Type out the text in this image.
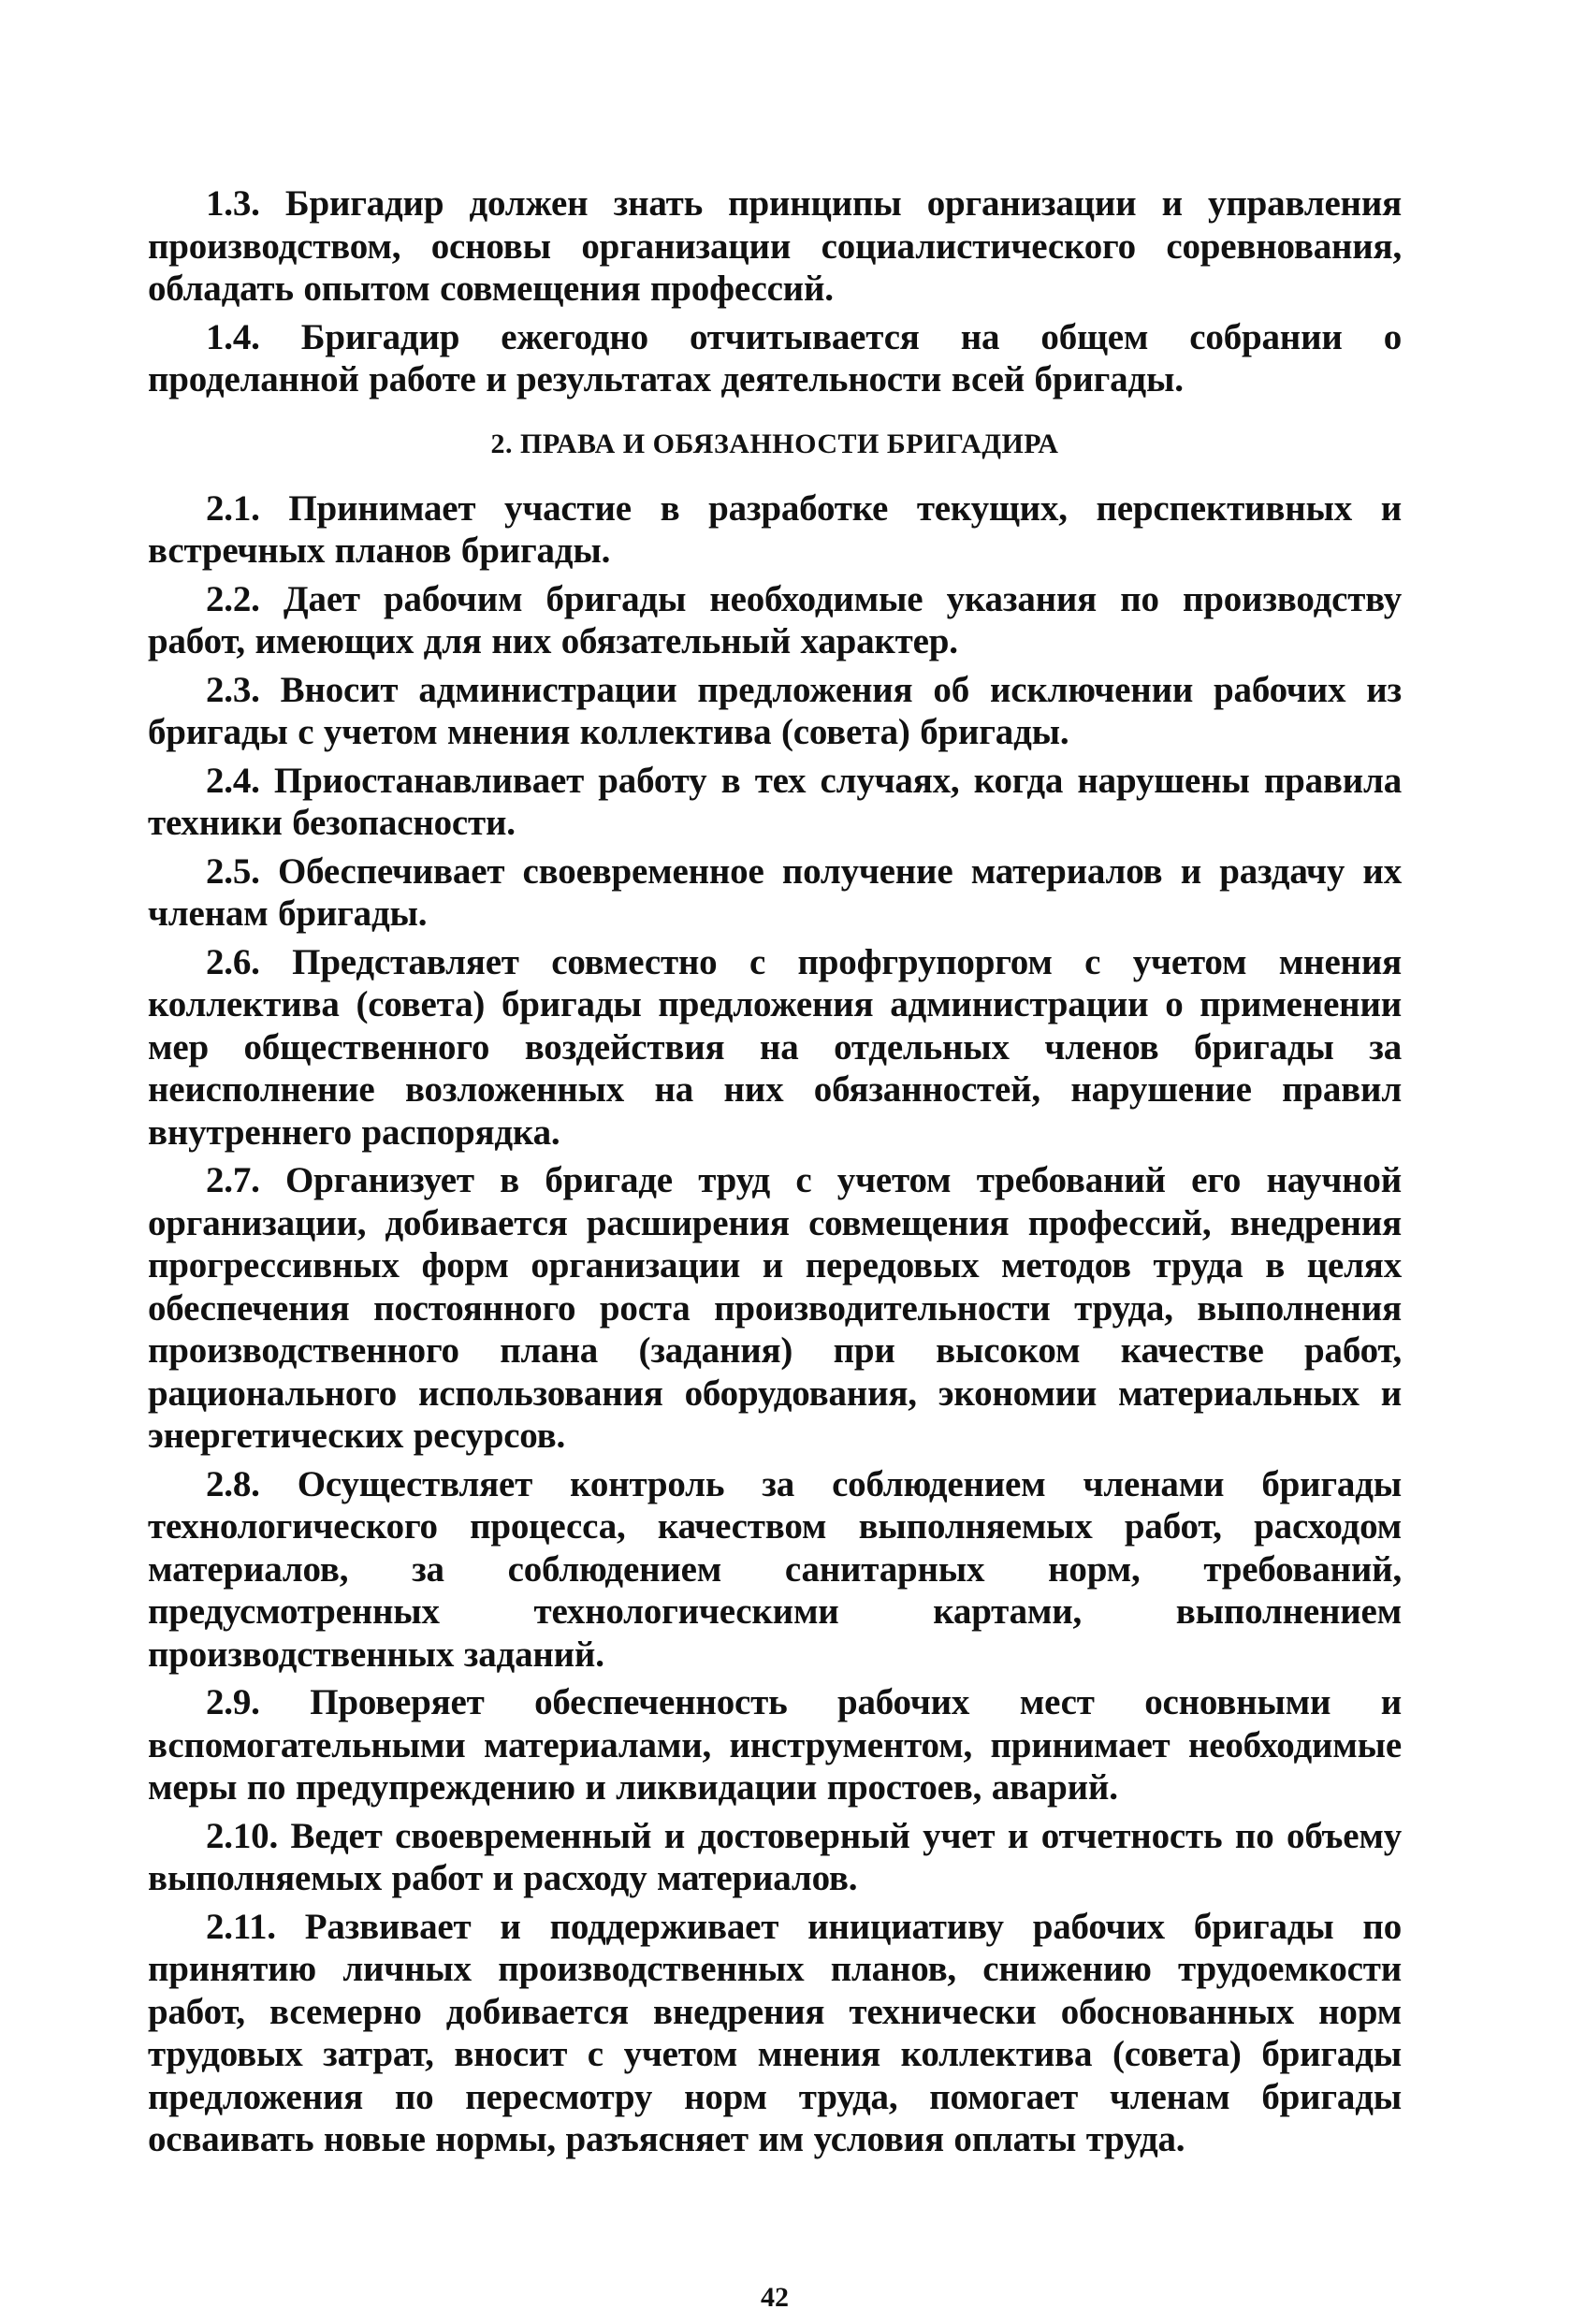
1.3. Бригадир должен знать принципы организации и управления производством, основы организации социалистического соревнования, обладать опытом совмещения профессий.

1.4. Бригадир ежегодно отчитывается на общем собрании о проделанной работе и результатах деятельности всей бригады.

2. ПРАВА И ОБЯЗАННОСТИ БРИГАДИРА

2.1. Принимает участие в разработке текущих, перспективных и встречных планов бригады.

2.2. Дает рабочим бригады необходимые указания по производству работ, имеющих для них обязательный характер.

2.3. Вносит администрации предложения об исключении рабочих из бригады с учетом мнения коллектива (совета) бригады.

2.4. Приостанавливает работу в тех случаях, когда нарушены правила техники безопасности.

2.5. Обеспечивает своевременное получение материалов и раздачу их членам бригады.

2.6. Представляет совместно с профгрупоргом с учетом мнения коллектива (совета) бригады предложения администрации о применении мер общественного воздействия на отдельных членов бригады за неисполнение возложенных на них обязанностей, нарушение правил внутреннего распорядка.

2.7. Организует в бригаде труд с учетом требований его научной организации, добивается расширения совмещения профессий, внедрения прогрессивных форм организации и передовых методов труда в целях обеспечения постоянного роста производительности труда, выполнения производственного плана (задания) при высоком качестве работ, рационального использования оборудования, экономии материальных и энергетических ресурсов.

2.8. Осуществляет контроль за соблюдением членами бригады технологического процесса, качеством выполняемых работ, расходом материалов, за соблюдением санитарных норм, требований, предусмотренных технологическими картами, выполнением производственных заданий.

2.9. Проверяет обеспеченность рабочих мест основными и вспомогательными материалами, инструментом, принимает необходимые меры по предупреждению и ликвидации простоев, аварий.

2.10. Ведет своевременный и достоверный учет и отчетность по объему выполняемых работ и расходу материалов.

2.11. Развивает и поддерживает инициативу рабочих бригады по принятию личных производственных планов, снижению трудоемкости работ, всемерно добивается внедрения технически обоснованных норм трудовых затрат, вносит с учетом мнения коллектива (совета) бригады предложения по пересмотру норм труда, помогает членам бригады осваивать новые нормы, разъясняет им условия оплаты труда.

42
